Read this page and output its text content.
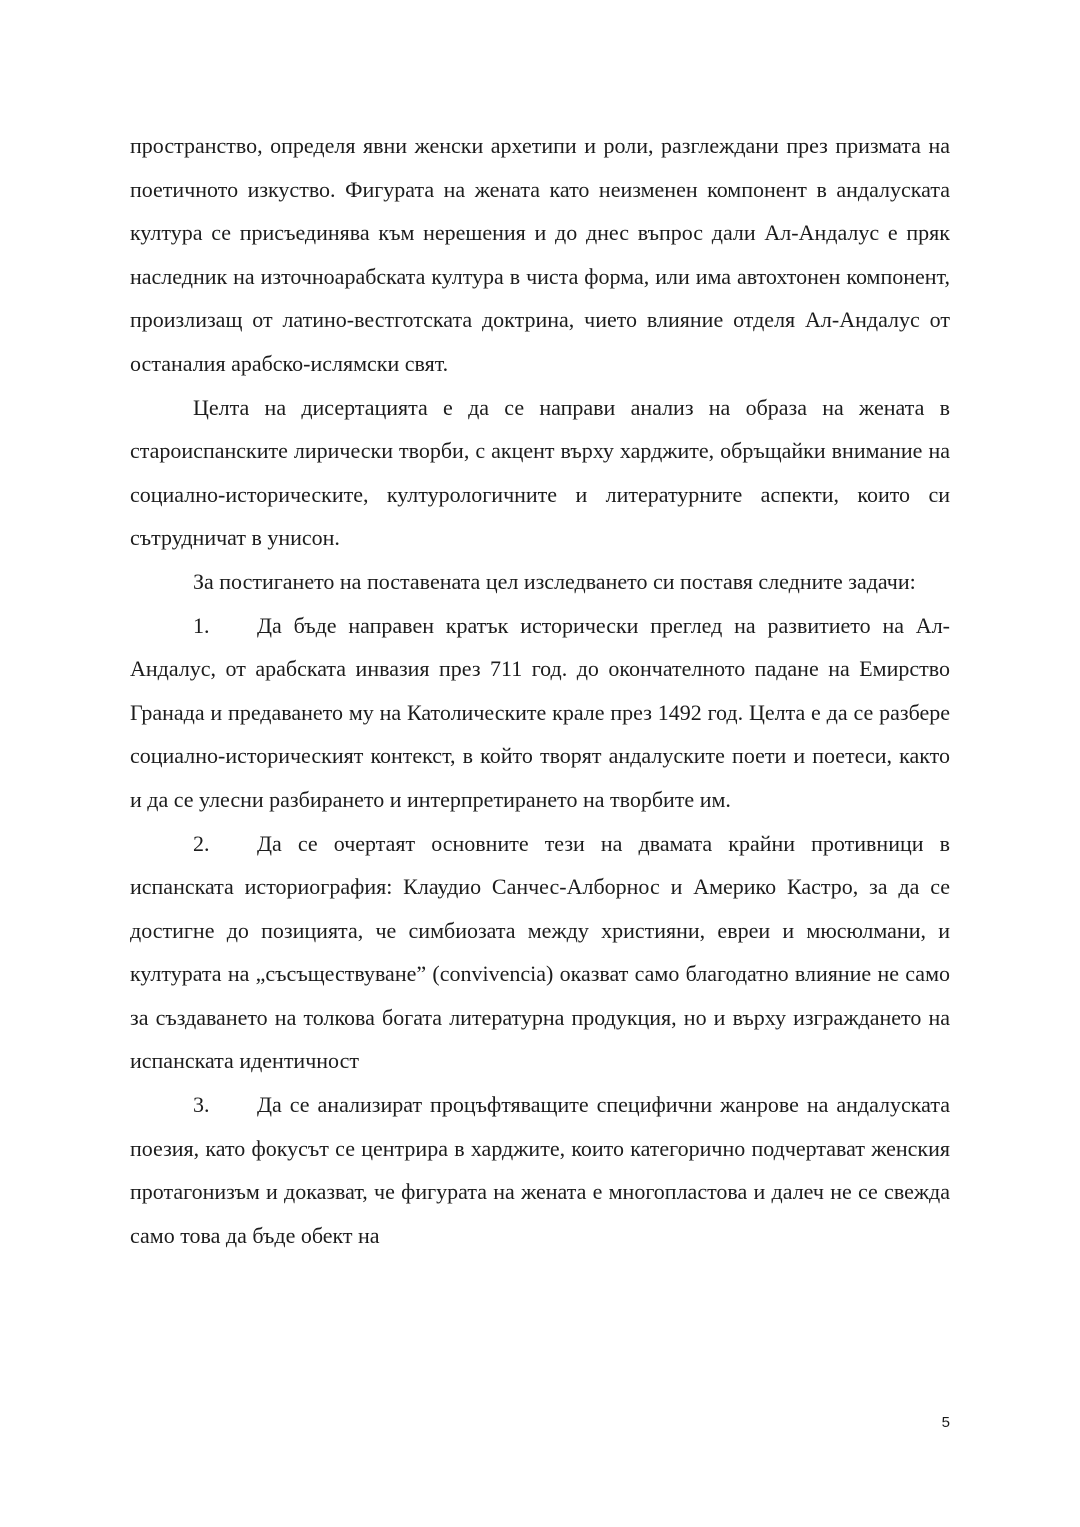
пространство, определя явни женски архетипи и роли, разглеждани през призмата на поетичното изкуство. Фигурата на жената като неизменен компонент в андалуската култура се присъединява към нерешения и до днес въпрос дали Ал-Андалус е пряк наследник на източноарабската култура в чиста форма, или има автохтонен компонент, произлизащ от латино-вестготската доктрина, чието влияние отделя Ал-Андалус от останалия арабско-ислямски свят.

Целта на дисертацията е да се направи анализ на образа на жената в староиспанските лирически творби, с акцент върху харджите, обръщайки внимание на социално-историческите, културологичните и литературните аспекти, които си сътрудничат в унисон.

За постигането на поставената цел изследването си поставя следните задачи:

1. Да бъде направен кратък исторически преглед на развитието на Ал-Андалус, от арабската инвазия през 711 год. до окончателното падане на Емирство Гранада и предаването му на Католическите крале през 1492 год. Целта е да се разбере социално-историческият контекст, в който творят андалуските поети и поетеси, както и да се улесни разбирането и интерпретирането на творбите им.

2. Да се очертаят основните тези на двамата крайни противници в испанската историография: Клаудио Санчес-Алборнос и Америко Кастро, за да се достигне до позицията, че симбиозата между християни, евреи и мюсюлмани, и културата на „съсъществуване” (convivencia) оказват само благодатно влияние не само за създаването на толкова богата литературна продукция, но и върху изграждането на испанската идентичност

3. Да се анализират процъфтяващите специфични жанрове на андалуската поезия, като фокусът се центрира в харджите, които категорично подчертават женския протагонизъм и доказват, че фигурата на жената е многопластова и далеч не се свежда само това да бъде обект на

5
